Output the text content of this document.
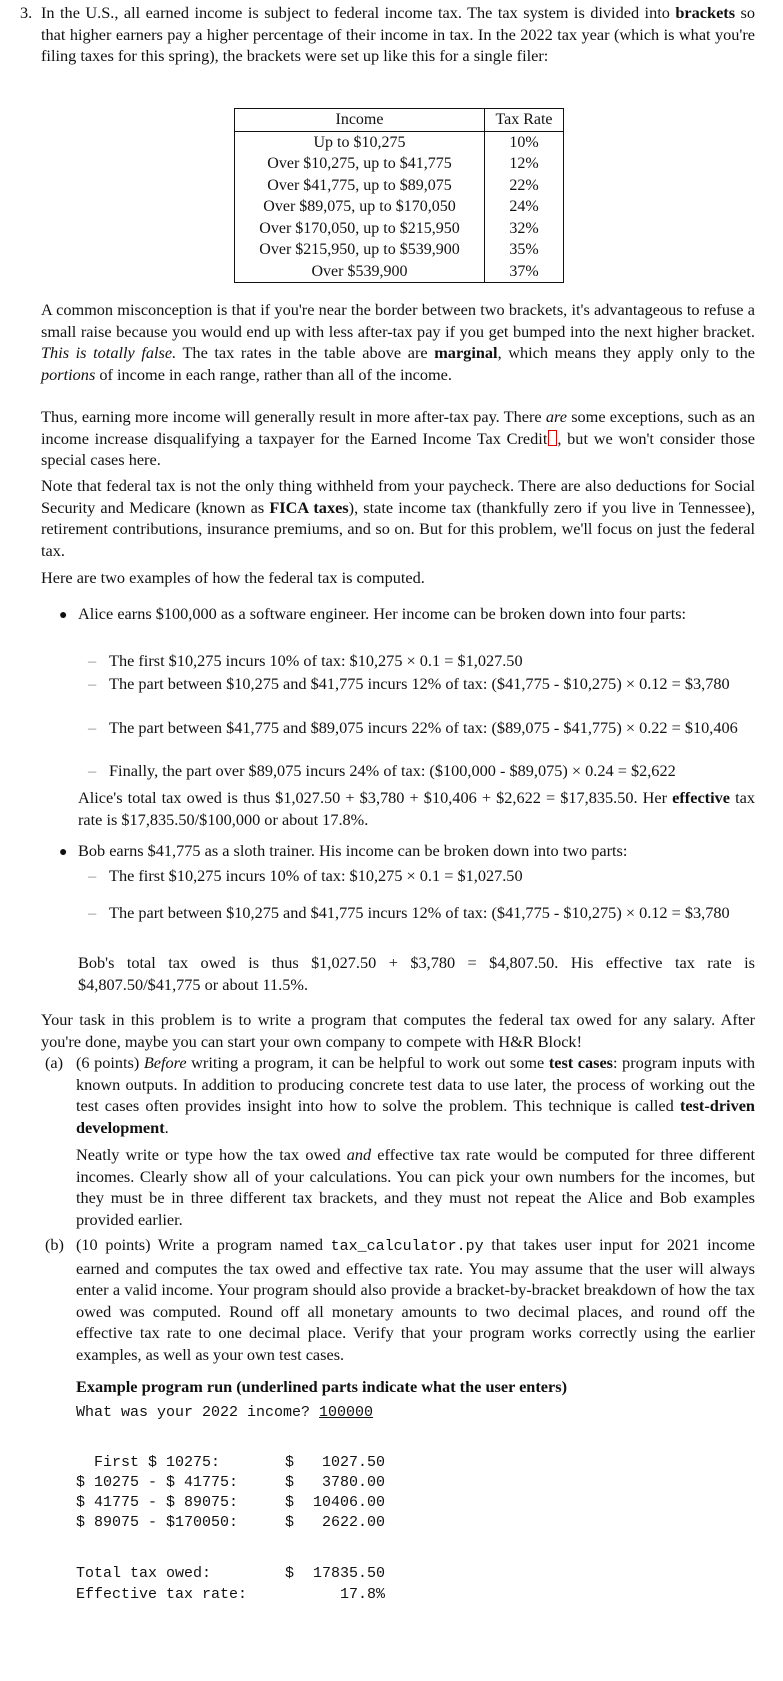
3. In the U.S., all earned income is subject to federal income tax. The tax system is divided into brackets so that higher earners pay a higher percentage of their income in tax. In the 2022 tax year (which is what you're filing taxes for this spring), the brackets were set up like this for a single filer:
Income	Tax Rate
Up to $10,275	10%
Over $10,275, up to $41,775	12%
Over $41,775, up to $89,075	22%
Over $89,075, up to $170,050	24%
Over $170,050, up to $215,950	32%
Over $215,950, up to $539,900	35%
Over $539,900	37%
A common misconception is that if you're near the border between two brackets, it's advantageous to refuse a small raise because you would end up with less after-tax pay if you get bumped into the next higher bracket. This is totally false. The tax rates in the table above are marginal, which means they apply only to the portions of income in each range, rather than all of the income.
Thus, earning more income will generally result in more after-tax pay. There are some exceptions, such as an income increase disqualifying a taxpayer for the Earned Income Tax Credit , but we won't consider those special cases here.
Note that federal tax is not the only thing withheld from your paycheck. There are also deductions for Social Security and Medicare (known as FICA taxes), state income tax (thankfully zero if you live in Tennessee), retirement contributions, insurance premiums, and so on. But for this problem, we'll focus on just the federal tax.
Here are two examples of how the federal tax is computed.
● Alice earns $100,000 as a software engineer. Her income can be broken down into four parts:
– The first $10,275 incurs 10% of tax: $10,275 × 0.1 = $1,027.50
– The part between $10,275 and $41,775 incurs 12% of tax: ($41,775 - $10,275) × 0.12 = $3,780
– The part between $41,775 and $89,075 incurs 22% of tax: ($89,075 - $41,775) × 0.22 = $10,406
– Finally, the part over $89,075 incurs 24% of tax: ($100,000 - $89,075) × 0.24 = $2,622
Alice's total tax owed is thus $1,027.50 + $3,780 + $10,406 + $2,622 = $17,835.50. Her effective tax rate is $17,835.50/$100,000 or about 17.8%.
● Bob earns $41,775 as a sloth trainer. His income can be broken down into two parts:
– The first $10,275 incurs 10% of tax: $10,275 × 0.1 = $1,027.50
– The part between $10,275 and $41,775 incurs 12% of tax: ($41,775 - $10,275) × 0.12 = $3,780
Bob's total tax owed is thus $1,027.50 + $3,780 = $4,807.50. His effective tax rate is $4,807.50/$41,775 or about 11.5%.
Your task in this problem is to write a program that computes the federal tax owed for any salary. After you're done, maybe you can start your own company to compete with H&R Block!
(a) (6 points) Before writing a program, it can be helpful to work out some test cases: program inputs with known outputs. In addition to producing concrete test data to use later, the process of working out the test cases often provides insight into how to solve the problem. This technique is called test-driven development.
Neatly write or type how the tax owed and effective tax rate would be computed for three different incomes. Clearly show all of your calculations. You can pick your own numbers for the incomes, but they must be in three different tax brackets, and they must not repeat the Alice and Bob examples provided earlier.
(b) (10 points) Write a program named tax_calculator.py that takes user input for 2021 income earned and computes the tax owed and effective tax rate. You may assume that the user will always enter a valid income. Your program should also provide a bracket-by-bracket breakdown of how the tax owed was computed. Round off all monetary amounts to two decimal places, and round off the effective tax rate to one decimal place. Verify that your program works correctly using the earlier examples, as well as your own test cases.
Example program run (underlined parts indicate what the user enters)
What was your 2022 income? 100000
First $ 10275:	$ 1027.50
$ 10275 - $ 41775:	$ 3780.00
$ 41775 - $ 89075:	$ 10406.00
$ 89075 - $170050:	$ 2622.00
Total tax owed:	$ 17835.50
Effective tax rate:	17.8%
